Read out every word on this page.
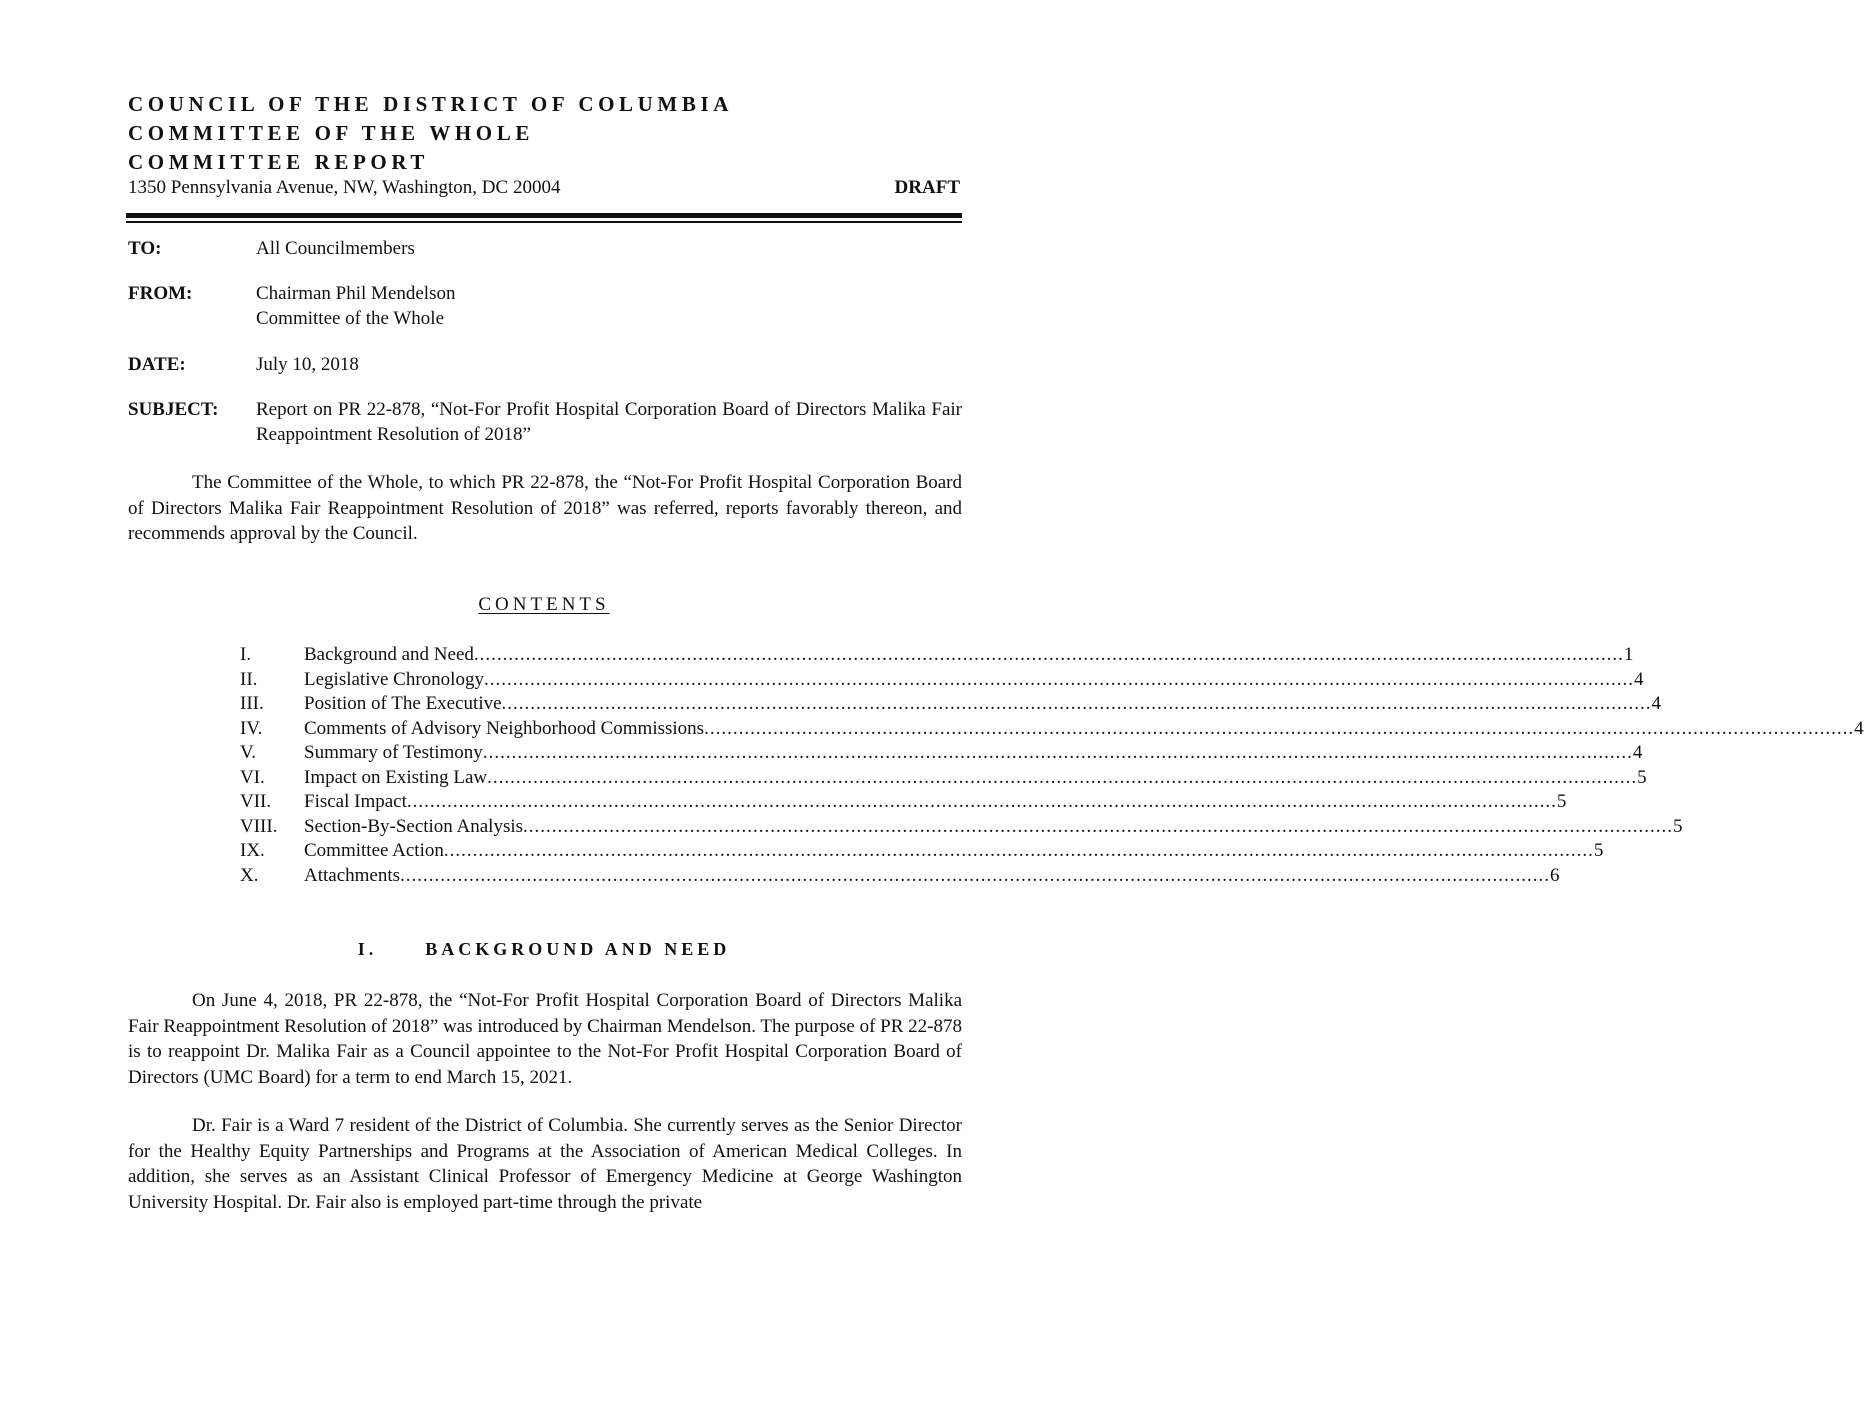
COUNCIL OF THE DISTRICT OF COLUMBIA
COMMITTEE OF THE WHOLE
COMMITTEE REPORT
1350 Pennsylvania Avenue, NW, Washington, DC 20004	DRAFT
TO:	All Councilmembers
FROM:	Chairman Phil Mendelson
Committee of the Whole
DATE:	July 10, 2018
SUBJECT: Report on PR 22-878, “Not-For Profit Hospital Corporation Board of Directors Malika Fair Reappointment Resolution of 2018”
The Committee of the Whole, to which PR 22-878, the “Not-For Profit Hospital Corporation Board of Directors Malika Fair Reappointment Resolution of 2018” was referred, reports favorably thereon, and recommends approval by the Council.
CONTENTS
I.	Background and Need ........................................................................................................................................................................................................ 1
II.	Legislative Chronology ........................................................................................................................................................................................................ 4
III.	Position of The Executive ........................................................................................................................................................................................................ 4
IV.	Comments of Advisory Neighborhood Commissions ........................................................................................................................................................................................................ 4
V.	Summary of Testimony ........................................................................................................................................................................................................ 4
VI.	Impact on Existing Law ........................................................................................................................................................................................................ 5
VII.	Fiscal Impact ........................................................................................................................................................................................................ 5
VIII.	Section-By-Section Analysis ........................................................................................................................................................................................................ 5
IX.	Committee Action ........................................................................................................................................................................................................ 5
X.	Attachments ........................................................................................................................................................................................................ 6
I.	BACKGROUND AND NEED
On June 4, 2018, PR 22-878, the “Not-For Profit Hospital Corporation Board of Directors Malika Fair Reappointment Resolution of 2018” was introduced by Chairman Mendelson. The purpose of PR 22-878 is to reappoint Dr. Malika Fair as a Council appointee to the Not-For Profit Hospital Corporation Board of Directors (UMC Board) for a term to end March 15, 2021.
Dr. Fair is a Ward 7 resident of the District of Columbia. She currently serves as the Senior Director for the Healthy Equity Partnerships and Programs at the Association of American Medical Colleges. In addition, she serves as an Assistant Clinical Professor of Emergency Medicine at George Washington University Hospital. Dr. Fair also is employed part-time through the private
